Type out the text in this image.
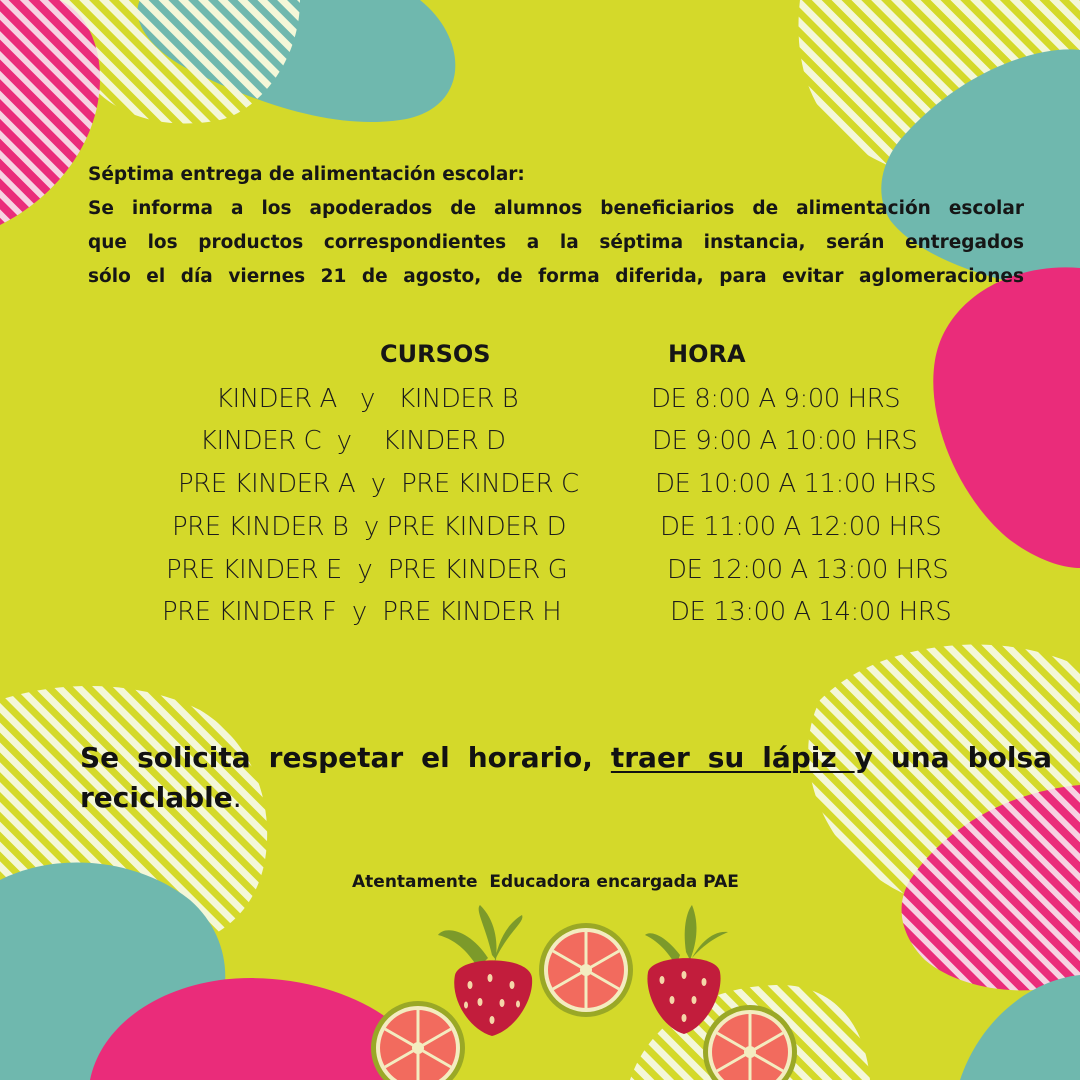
Séptima entrega de alimentación escolar:
Se informa a los apoderados de alumnos beneficiarios de alimentación escolar
que los productos correspondientes a la séptima instancia, serán entregados
sólo el día viernes 21 de agosto, de forma diferida, para evitar aglomeraciones
CURSOS	HORA
KINDER A   y   KINDER B	DE 8:00 A 9:00 HRS
KINDER C  y    KINDER D	DE 9:00 A 10:00 HRS
PRE KINDER A  y  PRE KINDER C	DE 10:00 A 11:00 HRS
PRE KINDER B  y PRE KINDER D	DE 11:00 A 12:00 HRS
PRE KINDER E  y  PRE KINDER G	DE 12:00 A 13:00 HRS
PRE KINDER F  y  PRE KINDER H	DE 13:00 A 14:00 HRS
Se solicita respetar el horario, traer su lápiz y una bolsa
reciclable.
Atentamente  Educadora encargada PAE
